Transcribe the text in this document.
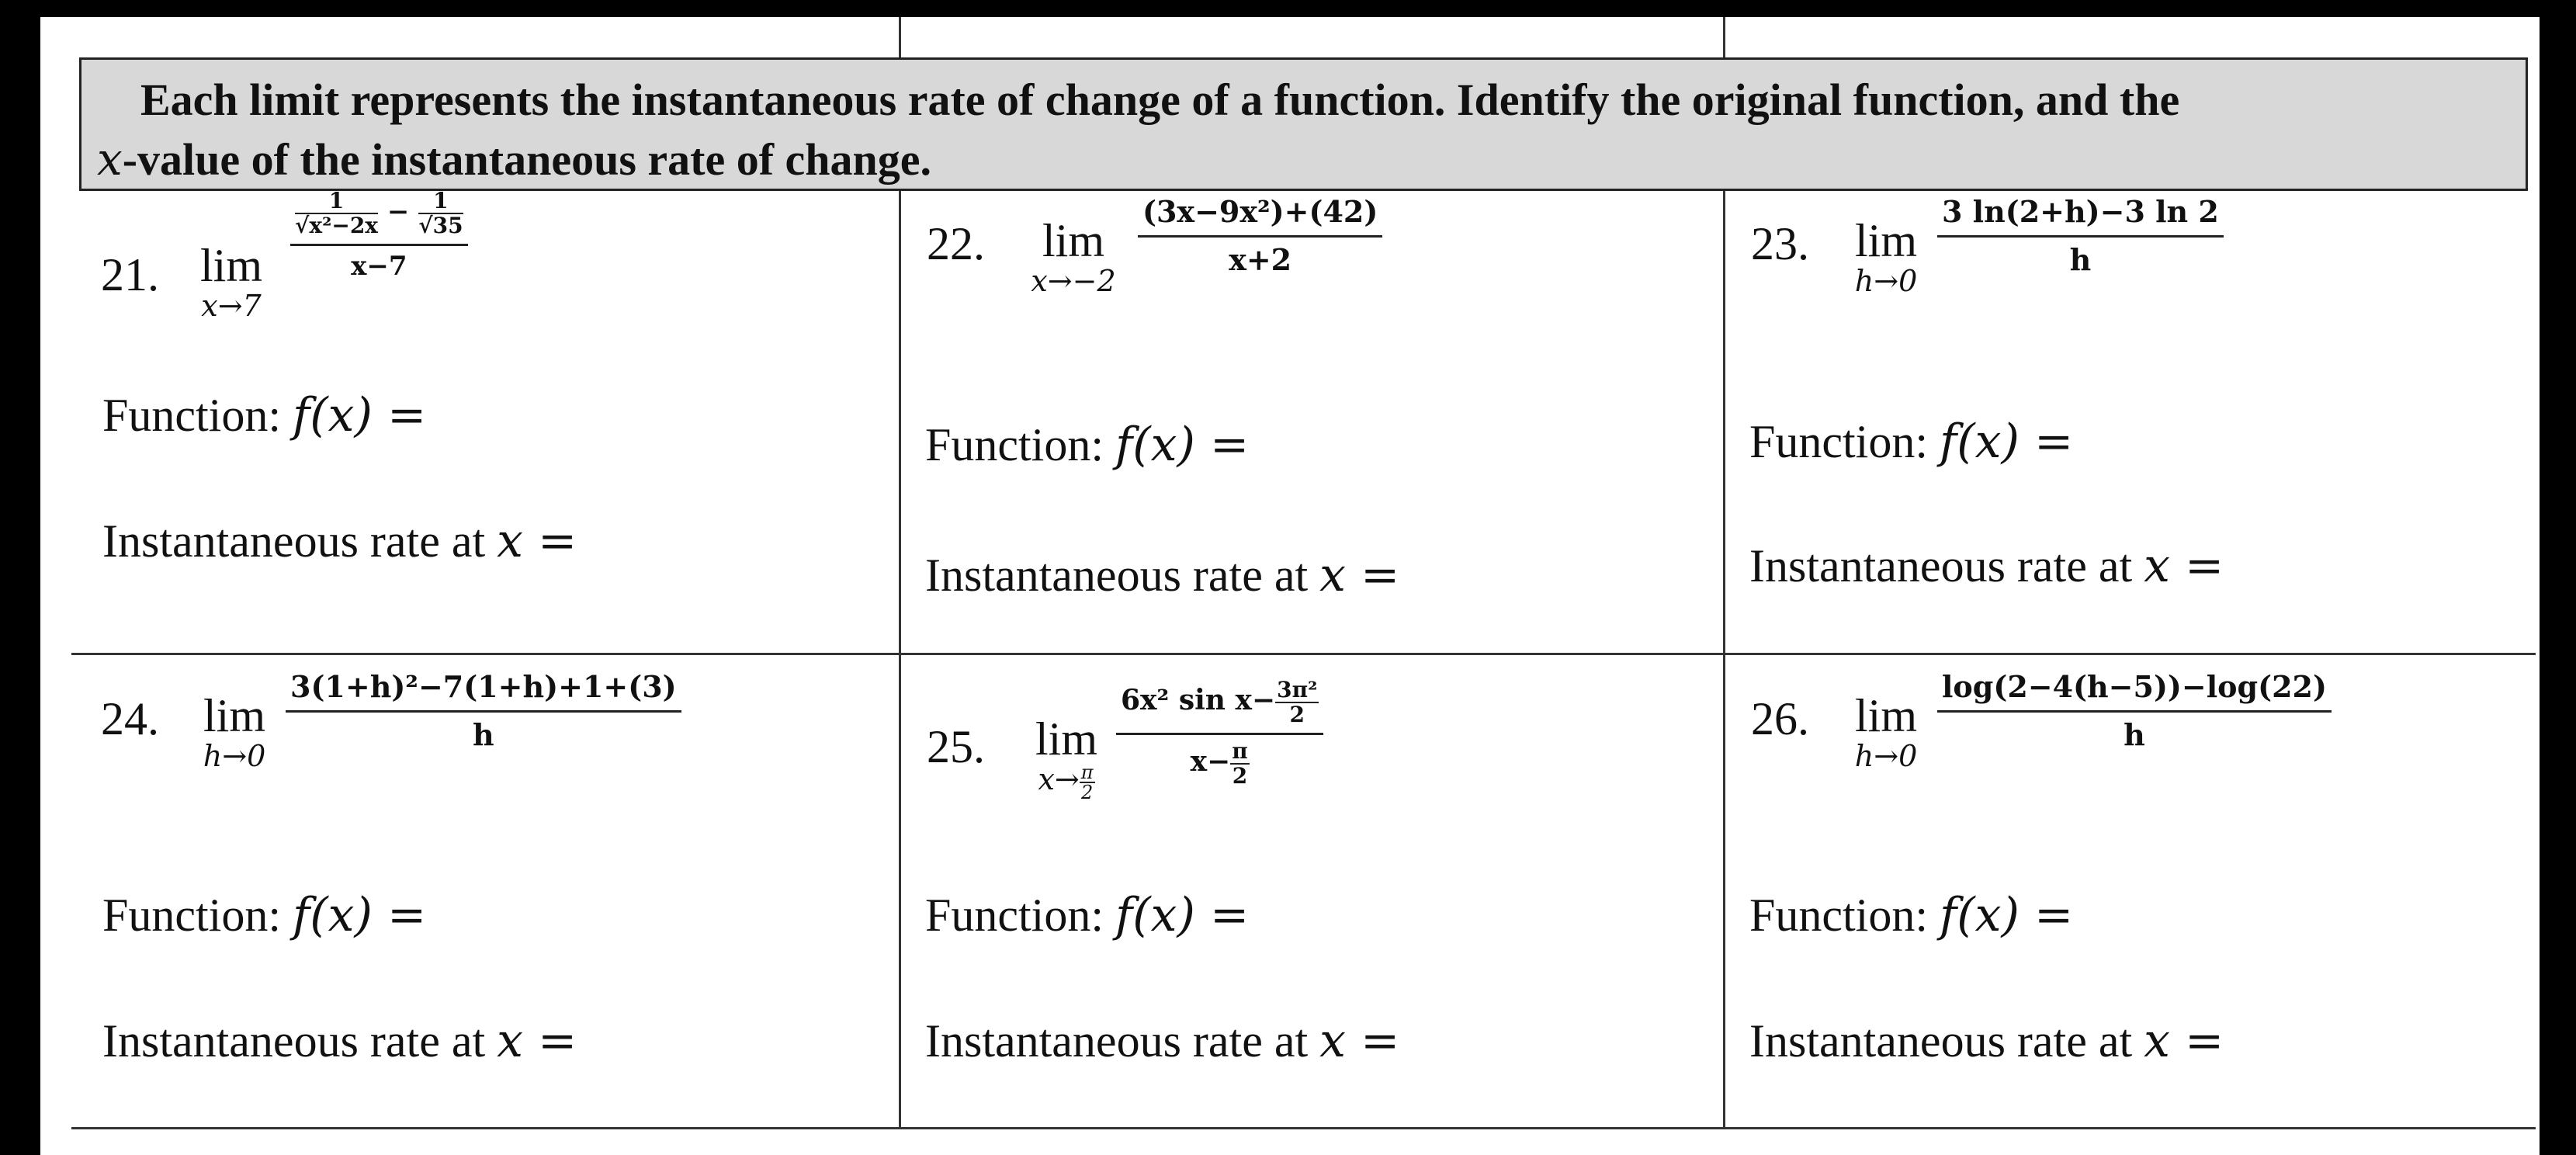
Each limit represents the instantaneous rate of change of a function. Identify the original function, and the
x-value of the instantaneous rate of change.
21. lim
x→7
$\frac{\frac{1}{\text{√x²−2x}} - \frac{1}{√35}}{x-7}$
Function: f(x) =
Instantaneous rate at x =
22.	lim
x→−2
$\frac{\text{(3x−9x²)+(42)}}{x+2}$
Function: f(x) =
Instantaneous rate at x =
23. lim
h→0
$\frac{3 \ln(2+h)-3 \ln 2}{h}$
Function: f(x) =
Instantaneous rate at x =
24. lim
h→0
$\frac{\text{3(1+h)²−7(1+h)+1+(3)}}{h}$
Function: f(x) =
Instantaneous rate at x =
25.	lim
$x\to \frac{\pi}{2} \frac{6x^2 \sin x- \frac{\text{3π²}}{2}}{x- \frac{\pi}{2}}$
Function: f(x) =
Instantaneous rate at x =
26. lim
h→0
$\frac{\log(2-4(h-5))-\log(22)}{h}$
Function: f(x) =
Instantaneous rate at x =
